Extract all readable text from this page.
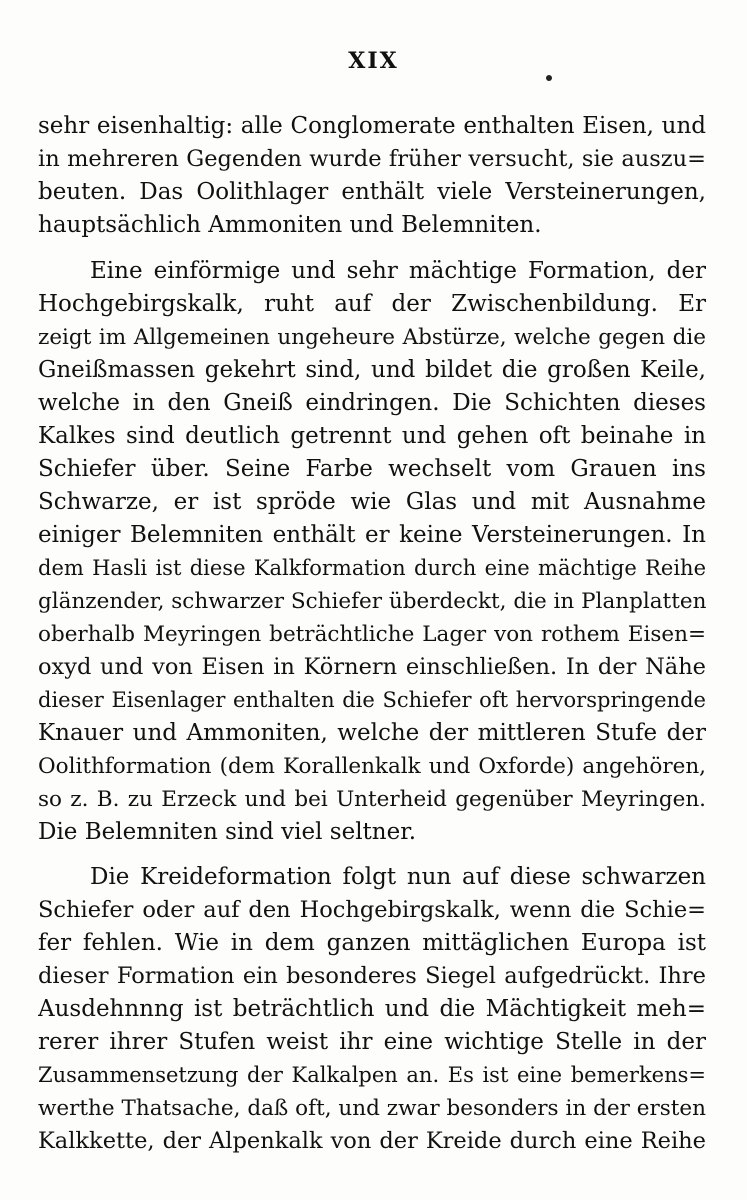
XIX
sehr eisenhaltig: alle Conglomerate enthalten Eisen, und
in mehreren Gegenden wurde früher versucht, sie auszu=
beuten. Das Oolithlager enthält viele Versteinerungen,
hauptsächlich Ammoniten und Belemniten.
Eine einförmige und sehr mächtige Formation, der
Hochgebirgskalk, ruht auf der Zwischenbildung. Er
zeigt im Allgemeinen ungeheure Abstürze, welche gegen die
Gneißmassen gekehrt sind, und bildet die großen Keile,
welche in den Gneiß eindringen. Die Schichten dieses
Kalkes sind deutlich getrennt und gehen oft beinahe in
Schiefer über. Seine Farbe wechselt vom Grauen ins
Schwarze, er ist spröde wie Glas und mit Ausnahme
einiger Belemniten enthält er keine Versteinerungen. In
dem Hasli ist diese Kalkformation durch eine mächtige Reihe
glänzender, schwarzer Schiefer überdeckt, die in Planplatten
oberhalb Meyringen beträchtliche Lager von rothem Eisen=
oxyd und von Eisen in Körnern einschließen. In der Nähe
dieser Eisenlager enthalten die Schiefer oft hervorspringende
Knauer und Ammoniten, welche der mittleren Stufe der
Oolithformation (dem Korallenkalk und Oxforde) angehören,
so z. B. zu Erzeck und bei Unterheid gegenüber Meyringen.
Die Belemniten sind viel seltner.
Die Kreideformation folgt nun auf diese schwarzen
Schiefer oder auf den Hochgebirgskalk, wenn die Schie=
fer fehlen. Wie in dem ganzen mittäglichen Europa ist
dieser Formation ein besonderes Siegel aufgedrückt. Ihre
Ausdehnnng ist beträchtlich und die Mächtigkeit meh=
rerer ihrer Stufen weist ihr eine wichtige Stelle in der
Zusammensetzung der Kalkalpen an. Es ist eine bemerkens=
werthe Thatsache, daß oft, und zwar besonders in der ersten
Kalkkette, der Alpenkalk von der Kreide durch eine Reihe
